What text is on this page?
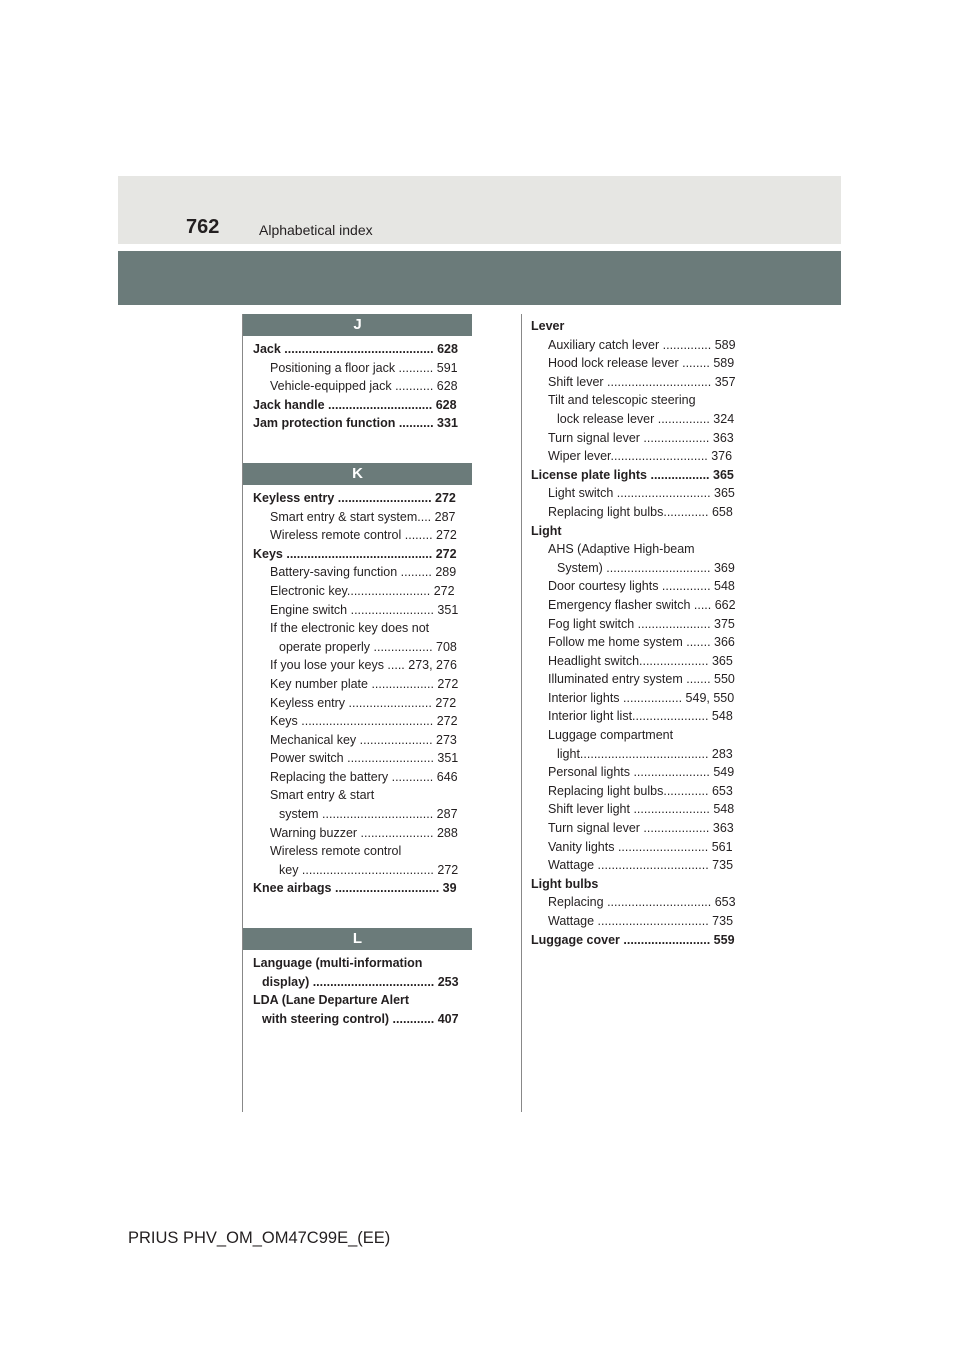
762	Alphabetical index
J
Jack ........................................... 628
Positioning a floor jack .......... 591
Vehicle-equipped jack ........... 628
Jack handle .............................. 628
Jam protection function .......... 331
K
Keyless entry ........................... 272
Smart entry & start system.... 287
Wireless remote control ........ 272
Keys .......................................... 272
Battery-saving function ......... 289
Electronic key........................ 272
Engine switch ........................ 351
If the electronic key does not
operate properly ................. 708
If you lose your keys ..... 273, 276
Key number plate .................. 272
Keyless entry ........................ 272
Keys ...................................... 272
Mechanical key ..................... 273
Power switch ......................... 351
Replacing the battery ............ 646
Smart entry & start
system ................................ 287
Warning buzzer ..................... 288
Wireless remote control
key ...................................... 272
Knee airbags .............................. 39
L
Language (multi-information
display) ................................... 253
LDA (Lane Departure Alert
with steering control) ............ 407
Lever
Auxiliary catch lever .............. 589
Hood lock release lever ........ 589
Shift lever .............................. 357
Tilt and telescopic steering
lock release lever ............... 324
Turn signal lever ................... 363
Wiper lever............................ 376
License plate lights ................. 365
Light switch ........................... 365
Replacing light bulbs............. 658
Light
AHS (Adaptive High-beam
System) .............................. 369
Door courtesy lights .............. 548
Emergency flasher switch ..... 662
Fog light switch ..................... 375
Follow me home system ....... 366
Headlight switch.................... 365
Illuminated entry system ....... 550
Interior lights ................. 549, 550
Interior light list...................... 548
Luggage compartment
light..................................... 283
Personal lights ...................... 549
Replacing light bulbs............. 653
Shift lever light ...................... 548
Turn signal lever ................... 363
Vanity lights .......................... 561
Wattage ................................ 735
Light bulbs
Replacing .............................. 653
Wattage ................................ 735
Luggage cover ......................... 559
PRIUS PHV_OM_OM47C99E_(EE)
